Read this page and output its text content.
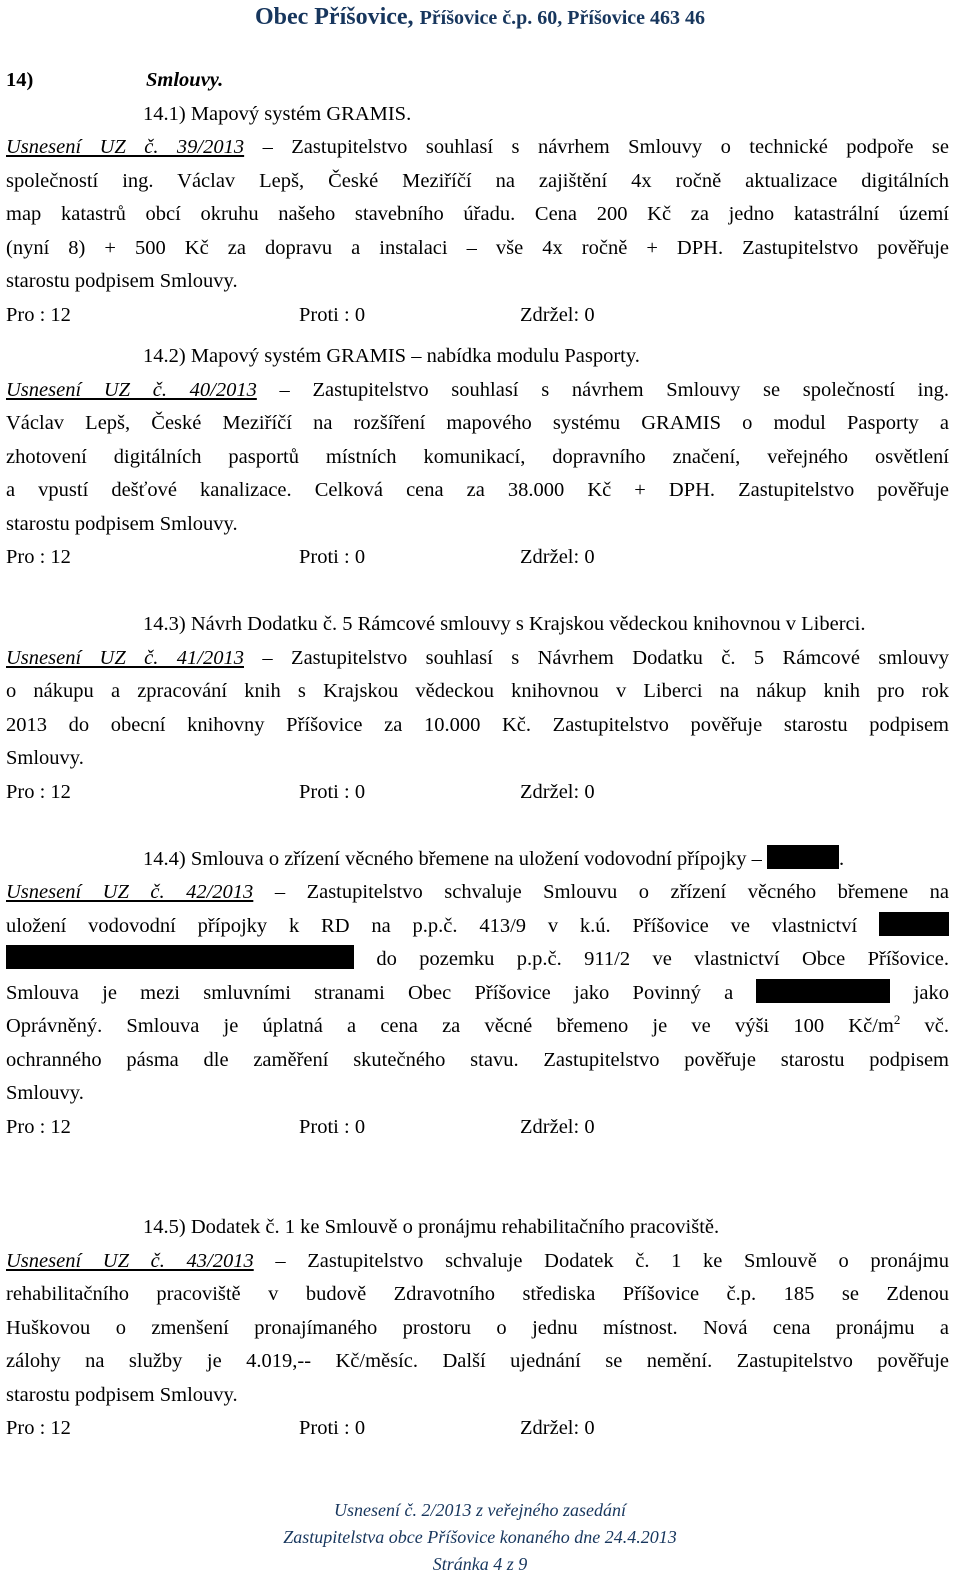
Obec Příšovice, Příšovice č.p. 60, Příšovice 463 46
14)	Smlouvy.
14.1) Mapový systém GRAMIS.
Usnesení UZ č. 39/2013 – Zastupitelstvo souhlasí s návrhem Smlouvy o technické podpoře se
společností ing. Václav Lepš, České Meziříčí na zajištění 4x ročně aktualizace digitálních
map katastrů obcí okruhu našeho stavebního úřadu. Cena 200 Kč za jedno katastrální území
(nyní 8) + 500 Kč za dopravu a instalaci – vše 4x ročně + DPH. Zastupitelstvo pověřuje
starostu podpisem Smlouvy.
Pro : 12	Proti : 0	Zdržel: 0
14.2) Mapový systém GRAMIS – nabídka modulu Pasporty.
Usnesení UZ č. 40/2013 – Zastupitelstvo souhlasí s návrhem Smlouvy se společností ing.
Václav Lepš, České Meziříčí na rozšíření mapového systému GRAMIS o modul Pasporty a
zhotovení digitálních pasportů místních komunikací, dopravního značení, veřejného osvětlení
a vpustí dešťové kanalizace. Celková cena za 38.000 Kč + DPH. Zastupitelstvo pověřuje
starostu podpisem Smlouvy.
Pro : 12	Proti : 0	Zdržel: 0
14.3) Návrh Dodatku č. 5 Rámcové smlouvy s Krajskou vědeckou knihovnou v Liberci.
Usnesení UZ č. 41/2013 – Zastupitelstvo souhlasí s Návrhem Dodatku č. 5 Rámcové smlouvy
o nákupu a zpracování knih s Krajskou vědeckou knihovnou v Liberci na nákup knih pro rok
2013 do obecní knihovny Příšovice za 10.000 Kč. Zastupitelstvo pověřuje starostu podpisem
Smlouvy.
Pro : 12	Proti : 0	Zdržel: 0
14.4) Smlouva o zřízení věcného břemene na uložení vodovodní přípojky –	.
Usnesení UZ č. 42/2013 – Zastupitelstvo schvaluje Smlouvu o zřízení věcného břemene na
uložení vodovodní přípojky k RD na p.p.č. 413/9 v k.ú. Příšovice ve vlastnictví
do pozemku p.p.č. 911/2 ve vlastnictví Obce Příšovice.
Smlouva je mezi smluvními stranami Obec Příšovice jako Povinný a	jako
Oprávněný. Smlouva je úplatná a cena za věcné břemeno je ve výši 100 $Kč/m^2$ vč.
ochranného pásma dle zaměření skutečného stavu. Zastupitelstvo pověřuje starostu podpisem
Smlouvy.
Pro : 12	Proti : 0	Zdržel: 0
14.5) Dodatek č. 1 ke Smlouvě o pronájmu rehabilitačního pracoviště.
Usnesení UZ č. 43/2013 – Zastupitelstvo schvaluje Dodatek č. 1 ke Smlouvě o pronájmu
rehabilitačního pracoviště v budově Zdravotního střediska Příšovice č.p. 185 se Zdenou
Huškovou o zmenšení pronajímaného prostoru o jednu místnost. Nová cena pronájmu a
zálohy na služby je 4.019,-- Kč/měsíc. Další ujednání se nemění. Zastupitelstvo pověřuje
starostu podpisem Smlouvy.
Pro : 12	Proti : 0	Zdržel: 0
Usnesení č. 2/2013 z veřejného zasedání
Zastupitelstva obce Příšovice konaného dne 24.4.2013
Stránka 4 z 9
